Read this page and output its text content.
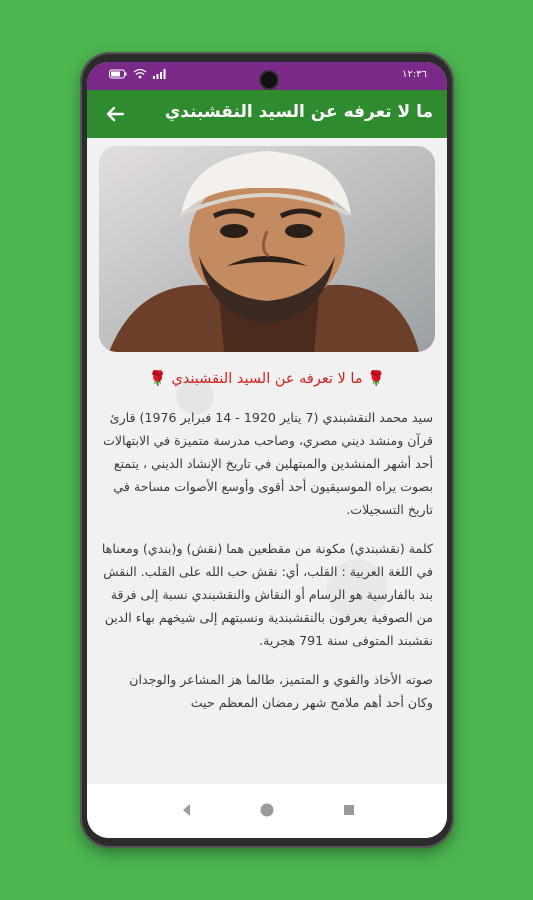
١٢:٣٦
ما لا تعرفه عن السيد النقشبندي
🌹 ما لا تعرفه عن السيد النقشبندي 🌹

سيد محمد النقشبندي (7 يناير 1920 - 14 فبراير 1976) قارئ قرآن ومنشد ديني مصري، وصاحب مدرسة متميزة في الابتهالات أحد أشهر المنشدين والمبتهلين في تاريخ الإنشاد الديني ، يتمتع بصوت يراه الموسيقيون أحد أقوى وأوسع الأصوات مساحة في تاريخ التسجيلات.

كلمة (نقشبندي) مكونة من مقطعين هما (نقش) و(بندي) ومعناها في اللغة العربية : القلب، أي: نقش حب الله على القلب. النقش بند بالفارسية هو الرسام أو النقاش والنقشبندي نسبة إلى فرقة من الصوفية يعرفون بالنقشبندية ونسبتهم إلى شيخهم بهاء الدين نقشبند المتوفى سنة 791 هجرية.

صوته الأخاذ والقوي و المتميز، طالما هز المشاعر والوجدان وكان أحد أهم ملامح شهر رمضان المعظم حيث
